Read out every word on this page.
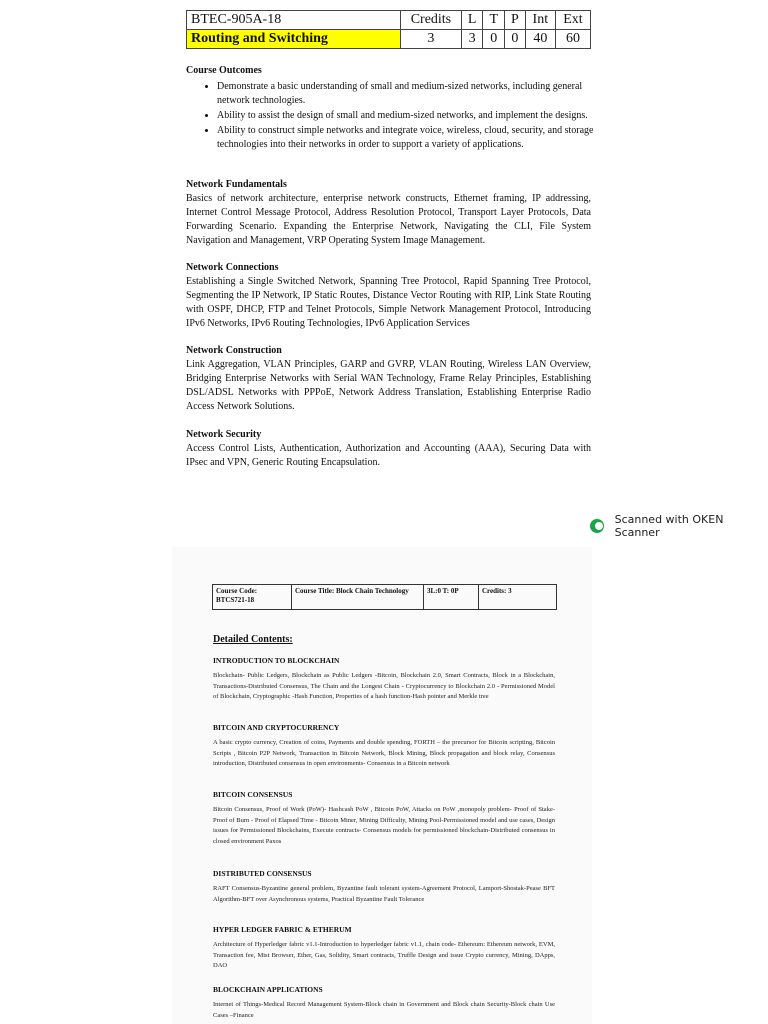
BTEC-905A-18	Credits	L	T	P	Int	Ext
Routing and Switching	3	3	0	0	40	60
Course Outcomes
• Demonstrate a basic understanding of small and medium-sized networks, including general network technologies.
• Ability to assist the design of small and medium-sized networks, and implement the designs.
• Ability to construct simple networks and integrate voice, wireless, cloud, security, and storage technologies into their networks in order to support a variety of applications.
Network Fundamentals
Basics of network architecture, enterprise network constructs, Ethernet framing, IP addressing, Internet Control Message Protocol, Address Resolution Protocol, Transport Layer Protocols, Data Forwarding Scenario. Expanding the Enterprise Network, Navigating the CLI, File System Navigation and Management, VRP Operating System Image Management.
Network Connections
Establishing a Single Switched Network, Spanning Tree Protocol, Rapid Spanning Tree Protocol, Segmenting the IP Network, IP Static Routes, Distance Vector Routing with RIP, Link State Routing with OSPF, DHCP, FTP and Telnet Protocols, Simple Network Management Protocol, Introducing IPv6 Networks, IPv6 Routing Technologies, IPv6 Application Services
Network Construction
Link Aggregation, VLAN Principles, GARP and GVRP, VLAN Routing, Wireless LAN Overview, Bridging Enterprise Networks with Serial WAN Technology, Frame Relay Principles, Establishing DSL/ADSL Networks with PPPoE, Network Address Translation, Establishing Enterprise Radio Access Network Solutions.
Network Security
Access Control Lists, Authentication, Authorization and Accounting (AAA), Securing Data with IPsec and VPN, Generic Routing Encapsulation.
Scanned with OKEN Scanner
Course Code: BTCS721-18	Course Title: Block Chain Technology	3L:0 T: 0P	Credits: 3
Detailed Contents:
INTRODUCTION TO BLOCKCHAIN
Blockchain- Public Ledgers, Blockchain as Public Ledgers -Bitcoin, Blockchain 2.0, Smart Contracts, Block in a Blockchain, Transactions-Distributed Consensus, The Chain and the Longest Chain - Cryptocurrency to Blockchain 2.0 - Permissioned Model of Blockchain, Cryptographic -Hash Function, Properties of a hash function-Hash pointer and Merkle tree
BITCOIN AND CRYPTOCURRENCY
A basic crypto currency, Creation of coins, Payments and double spending, FORTH – the precursor for Bitcoin scripting, Bitcoin Scripts , Bitcoin P2P Network, Transaction in Bitcoin Network, Block Mining, Block propagation and block relay, Consensus introduction, Distributed consensus in open environments- Consensus in a Bitcoin network
BITCOIN CONSENSUS
Bitcoin Consensus, Proof of Work (PoW)- Hashcash PoW , Bitcoin PoW, Attacks on PoW ,monopoly problem- Proof of Stake- Proof of Burn - Proof of Elapsed Time - Bitcoin Miner, Mining Difficulty, Mining Pool-Permissioned model and use cases, Design issues for Permissioned Blockchains, Execute contracts- Consensus models for permissioned blockchain-Distributed consensus in closed environment Paxos
DISTRIBUTED CONSENSUS
RAFT Consensus-Byzantine general problem, Byzantine fault tolerant system-Agreement Protocol, Lamport-Shostak-Pease BFT Algorithm-BFT over Asynchronous systems, Practical Byzantine Fault Tolerance
HYPER LEDGER FABRIC & ETHERUM
Architecture of Hyperledger fabric v1.1-Introduction to hyperledger fabric v1.1, chain code- Ethereum: Ethereum network, EVM, Transaction fee, Mist Browser, Ether, Gas, Solidity, Smart contracts, Truffle Design and issue Crypto currency, Mining, DApps, DAO
BLOCKCHAIN APPLICATIONS
Internet of Things-Medical Record Management System-Block chain in Government and Block chain Security-Block chain Use Cases –Finance
